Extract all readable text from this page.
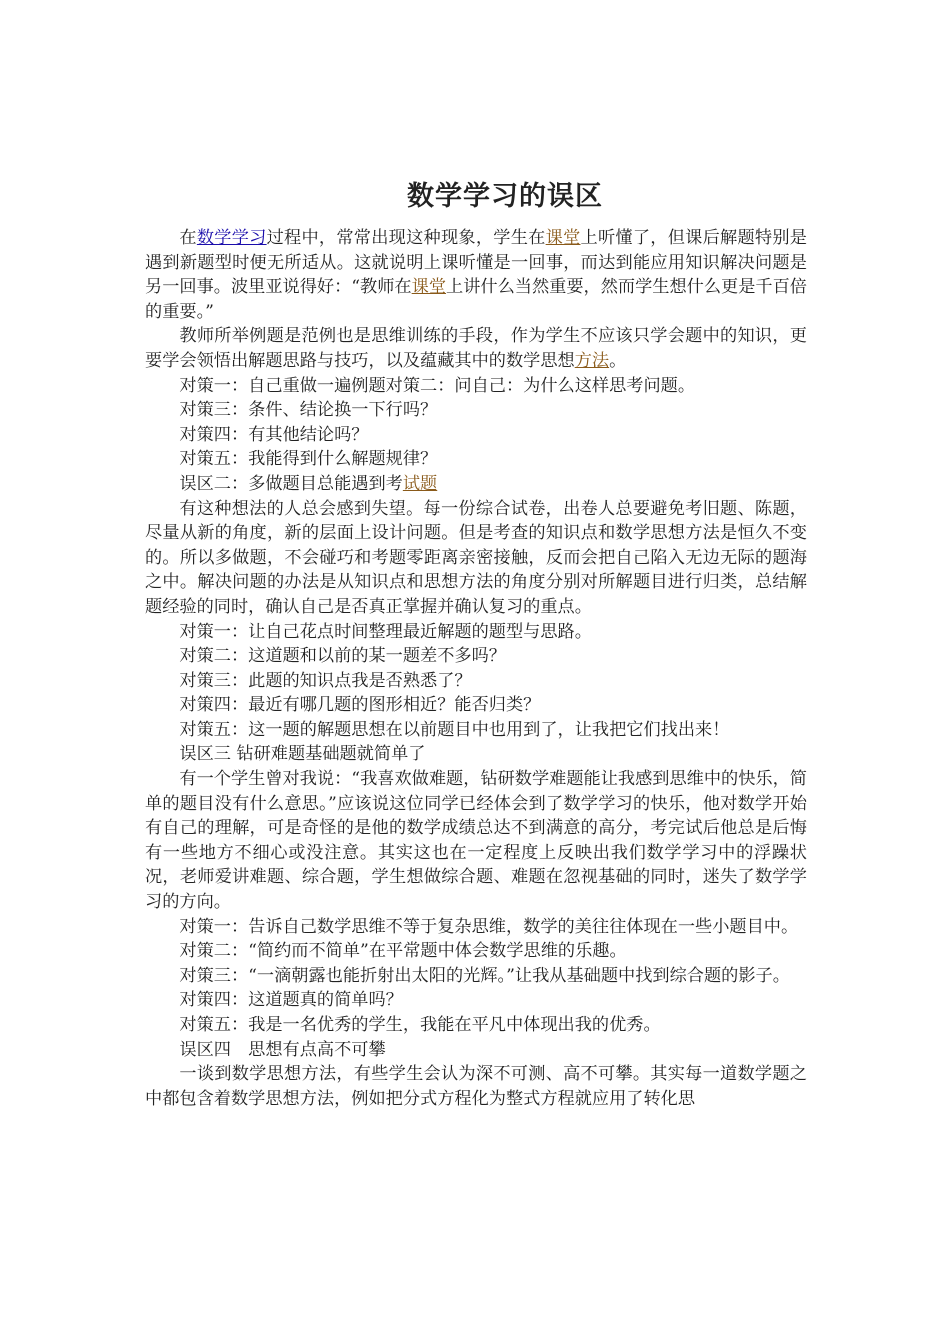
数学学习的误区

在数学学习过程中，常常出现这种现象，学生在课堂上听懂了，但课后解题特别是遇到新题型时便无所适从。这就说明上课听懂是一回事，而达到能应用知识解决问题是另一回事。波里亚说得好：“教师在课堂上讲什么当然重要，然而学生想什么更是千百倍的重要。”

教师所举例题是范例也是思维训练的手段，作为学生不应该只学会题中的知识，更要学会领悟出解题思路与技巧，以及蕴藏其中的数学思想方法。

对策一：自己重做一遍例题对策二：问自己：为什么这样思考问题。

对策三：条件、结论换一下行吗？

对策四：有其他结论吗？

对策五：我能得到什么解题规律？

误区二：多做题目总能遇到考试题

有这种想法的人总会感到失望。每一份综合试卷，出卷人总要避免考旧题、陈题，尽量从新的角度，新的层面上设计问题。但是考查的知识点和数学思想方法是恒久不变的。所以多做题，不会碰巧和考题零距离亲密接触，反而会把自己陷入无边无际的题海之中。解决问题的办法是从知识点和思想方法的角度分别对所解题目进行归类，总结解题经验的同时，确认自己是否真正掌握并确认复习的重点。

对策一：让自己花点时间整理最近解题的题型与思路。

对策二：这道题和以前的某一题差不多吗？

对策三：此题的知识点我是否熟悉了？

对策四：最近有哪几题的图形相近？能否归类？

对策五：这一题的解题思想在以前题目中也用到了，让我把它们找出来！

误区三 钻研难题基础题就简单了

有一个学生曾对我说：“我喜欢做难题，钻研数学难题能让我感到思维中的快乐，简单的题目没有什么意思。”应该说这位同学已经体会到了数学学习的快乐，他对数学开始有自己的理解，可是奇怪的是他的数学成绩总达不到满意的高分，考完试后他总是后悔有一些地方不细心或没注意。其实这也在一定程度上反映出我们数学学习中的浮躁状况，老师爱讲难题、综合题，学生想做综合题、难题在忽视基础的同时，迷失了数学学习的方向。

对策一：告诉自己数学思维不等于复杂思维，数学的美往往体现在一些小题目中。

对策二：“简约而不简单”在平常题中体会数学思维的乐趣。

对策三：“一滴朝露也能折射出太阳的光辉。”让我从基础题中找到综合题的影子。

对策四：这道题真的简单吗？

对策五：我是一名优秀的学生，我能在平凡中体现出我的优秀。

误区四　思想有点高不可攀

一谈到数学思想方法，有些学生会认为深不可测、高不可攀。其实每一道数学题之中都包含着数学思想方法，例如把分式方程化为整式方程就应用了转化思
